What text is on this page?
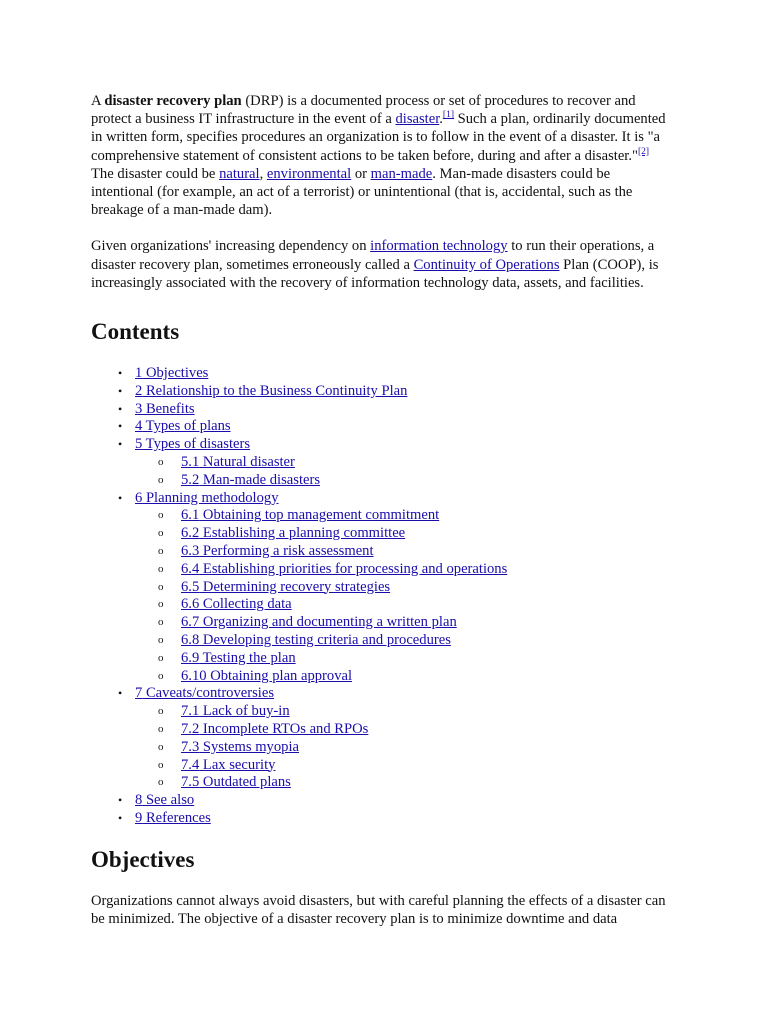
A disaster recovery plan (DRP) is a documented process or set of procedures to recover and protect a business IT infrastructure in the event of a disaster.[1] Such a plan, ordinarily documented in written form, specifies procedures an organization is to follow in the event of a disaster. It is "a comprehensive statement of consistent actions to be taken before, during and after a disaster."[2] The disaster could be natural, environmental or man-made. Man-made disasters could be intentional (for example, an act of a terrorist) or unintentional (that is, accidental, such as the breakage of a man-made dam).

Given organizations' increasing dependency on information technology to run their operations, a disaster recovery plan, sometimes erroneously called a Continuity of Operations Plan (COOP), is increasingly associated with the recovery of information technology data, assets, and facilities.

Contents
• 1 Objectives
• 2 Relationship to the Business Continuity Plan
• 3 Benefits
• 4 Types of plans
• 5 Types of disasters
o 5.1 Natural disaster
o 5.2 Man-made disasters
• 6 Planning methodology
o 6.1 Obtaining top management commitment
o 6.2 Establishing a planning committee
o 6.3 Performing a risk assessment
o 6.4 Establishing priorities for processing and operations
o 6.5 Determining recovery strategies
o 6.6 Collecting data
o 6.7 Organizing and documenting a written plan
o 6.8 Developing testing criteria and procedures
o 6.9 Testing the plan
o 6.10 Obtaining plan approval
• 7 Caveats/controversies
o 7.1 Lack of buy-in
o 7.2 Incomplete RTOs and RPOs
o 7.3 Systems myopia
o 7.4 Lax security
o 7.5 Outdated plans
• 8 See also
• 9 References
Objectives

Organizations cannot always avoid disasters, but with careful planning the effects of a disaster can be minimized. The objective of a disaster recovery plan is to minimize downtime and data
